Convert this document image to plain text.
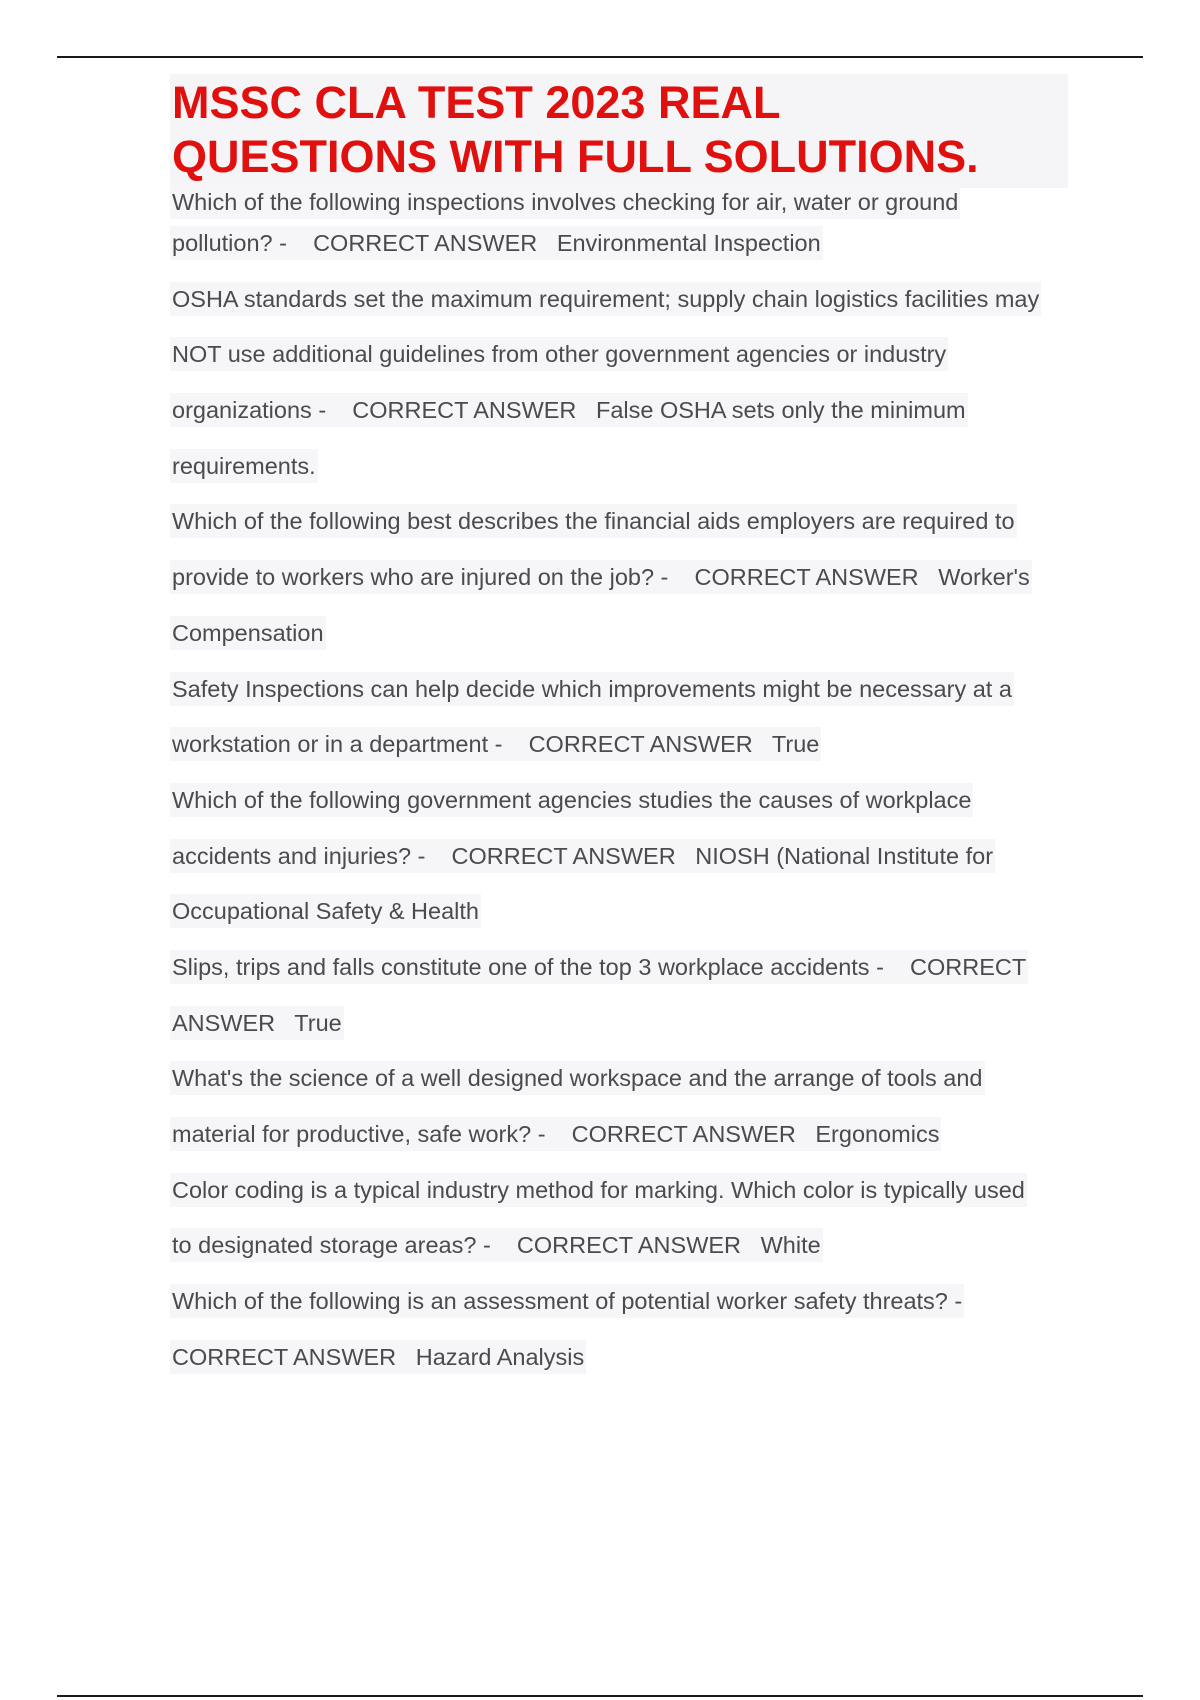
MSSC CLA TEST 2023 REAL
QUESTIONS WITH FULL SOLUTIONS.
Which of the following inspections involves checking for air, water or ground
pollution? -    CORRECT ANSWER   Environmental Inspection
OSHA standards set the maximum requirement; supply chain logistics facilities may
NOT use additional guidelines from other government agencies or industry
organizations -    CORRECT ANSWER   False OSHA sets only the minimum
requirements.
Which of the following best describes the financial aids employers are required to
provide to workers who are injured on the job? -    CORRECT ANSWER   Worker's
Compensation
Safety Inspections can help decide which improvements might be necessary at a
workstation or in a department -    CORRECT ANSWER   True
Which of the following government agencies studies the causes of workplace
accidents and injuries? -    CORRECT ANSWER   NIOSH (National Institute for
Occupational Safety & Health
Slips, trips and falls constitute one of the top 3 workplace accidents -    CORRECT
ANSWER   True
What's the science of a well designed workspace and the arrange of tools and
material for productive, safe work? -    CORRECT ANSWER   Ergonomics
Color coding is a typical industry method for marking. Which color is typically used
to designated storage areas? -    CORRECT ANSWER   White
Which of the following is an assessment of potential worker safety threats? -
CORRECT ANSWER   Hazard Analysis
